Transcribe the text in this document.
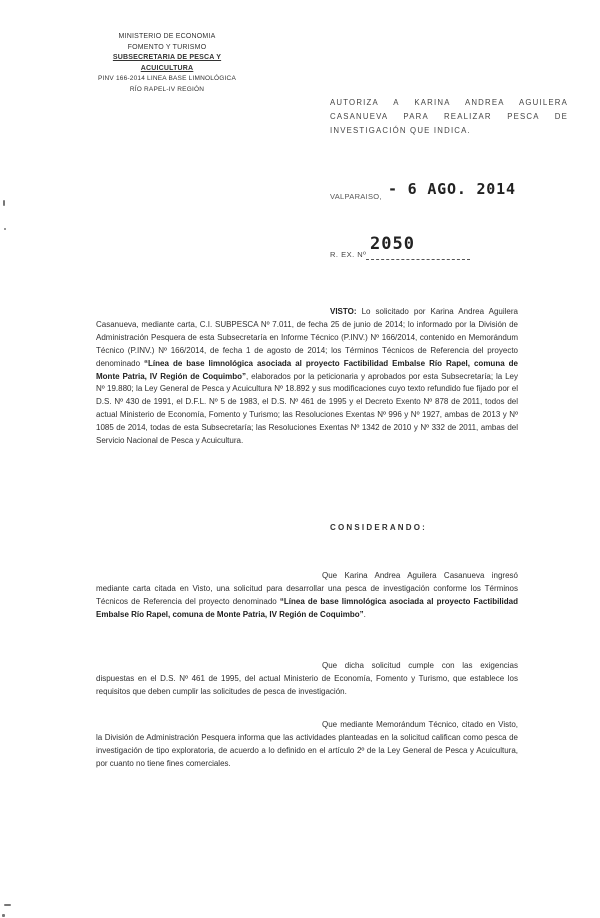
MINISTERIO DE ECONOMIA
FOMENTO Y TURISMO
SUBSECRETARIA DE PESCA Y ACUICULTURA
PINV 166-2014 LINEA BASE LIMNOLÓGICA
RÍO RAPEL-IV REGIÓN
AUTORIZA A KARINA ANDREA AGUILERA CASANUEVA PARA REALIZAR PESCA DE INVESTIGACIÓN QUE INDICA.
VALPARAISO, - 6 AGO. 2014
R. EX. Nº
2050
VISTO: Lo solicitado por Karina Andrea Aguilera Casanueva, mediante carta, C.I. SUBPESCA Nº 7.011, de fecha 25 de junio de 2014; lo informado por la División de Administración Pesquera de esta Subsecretaría en Informe Técnico (P.INV.) Nº 166/2014, contenido en Memorándum Técnico (P.INV.) Nº 166/2014, de fecha 1 de agosto de 2014; los Términos Técnicos de Referencia del proyecto denominado “Línea de base limnológica asociada al proyecto Factibilidad Embalse Río Rapel, comuna de Monte Patria, IV Región de Coquimbo”, elaborados por la peticionaria y aprobados por esta Subsecretaría; la Ley Nº 19.880; la Ley General de Pesca y Acuicultura Nº 18.892 y sus modificaciones cuyo texto refundido fue fijado por el D.S. Nº 430 de 1991, el D.F.L. Nº 5 de 1983, el D.S. Nº 461 de 1995 y el Decreto Exento Nº 878 de 2011, todos del actual Ministerio de Economía, Fomento y Turismo; las Resoluciones Exentas Nº 996 y Nº 1927, ambas de 2013 y Nº 1085 de 2014, todas de esta Subsecretaría; las Resoluciones Exentas Nº 1342 de 2010 y Nº 332 de 2011, ambas del Servicio Nacional de Pesca y Acuicultura.
CONSIDERANDO:
Que Karina Andrea Aguilera Casanueva ingresó mediante carta citada en Visto, una solicitud para desarrollar una pesca de investigación conforme los Términos Técnicos de Referencia del proyecto denominado “Línea de base limnológica asociada al proyecto Factibilidad Embalse Río Rapel, comuna de Monte Patria, IV Región de Coquimbo”.
Que dicha solicitud cumple con las exigencias dispuestas en el D.S. Nº 461 de 1995, del actual Ministerio de Economía, Fomento y Turismo, que establece los requisitos que deben cumplir las solicitudes de pesca de investigación.
Que mediante Memorándum Técnico, citado en Visto, la División de Administración Pesquera informa que las actividades planteadas en la solicitud califican como pesca de investigación de tipo exploratoria, de acuerdo a lo definido en el artículo 2º de la Ley General de Pesca y Acuicultura, por cuanto no tiene fines comerciales.
